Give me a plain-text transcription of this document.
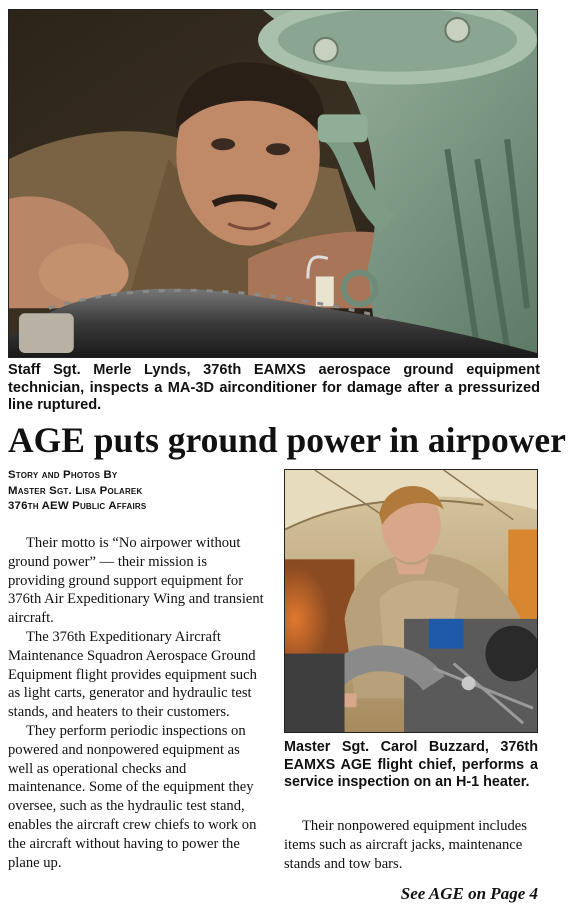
Staff Sgt. Merle Lynds, 376th EAMXS aerospace ground equipment technician, inspects a MA-3D airconditioner for damage after a pressurized line ruptured.

AGE puts ground power in airpower
Story and Photos By
Master Sgt. Lisa Polarek
376th AEW Public Affairs

Their motto is “No airpower without ground power” — their mission is providing ground support equipment for 376th Air Expeditionary Wing and transient aircraft.

The 376th Expeditionary Aircraft Maintenance Squadron Aerospace Ground Equipment flight provides equipment such as light carts, generator and hydraulic test stands, and heaters to their customers.

They perform periodic inspections on powered and nonpowered equipment as well as operational checks and maintenance. Some of the equipment they oversee, such as the hydraulic test stand, enables the aircraft crew chiefs to work on the aircraft without having to power the plane up.

Master Sgt. Carol Buzzard, 376th EAMXS AGE flight chief, performs a service inspection on an H-1 heater.

Their nonpowered equipment includes items such as aircraft jacks, maintenance stands and tow bars.

See AGE on Page 4
